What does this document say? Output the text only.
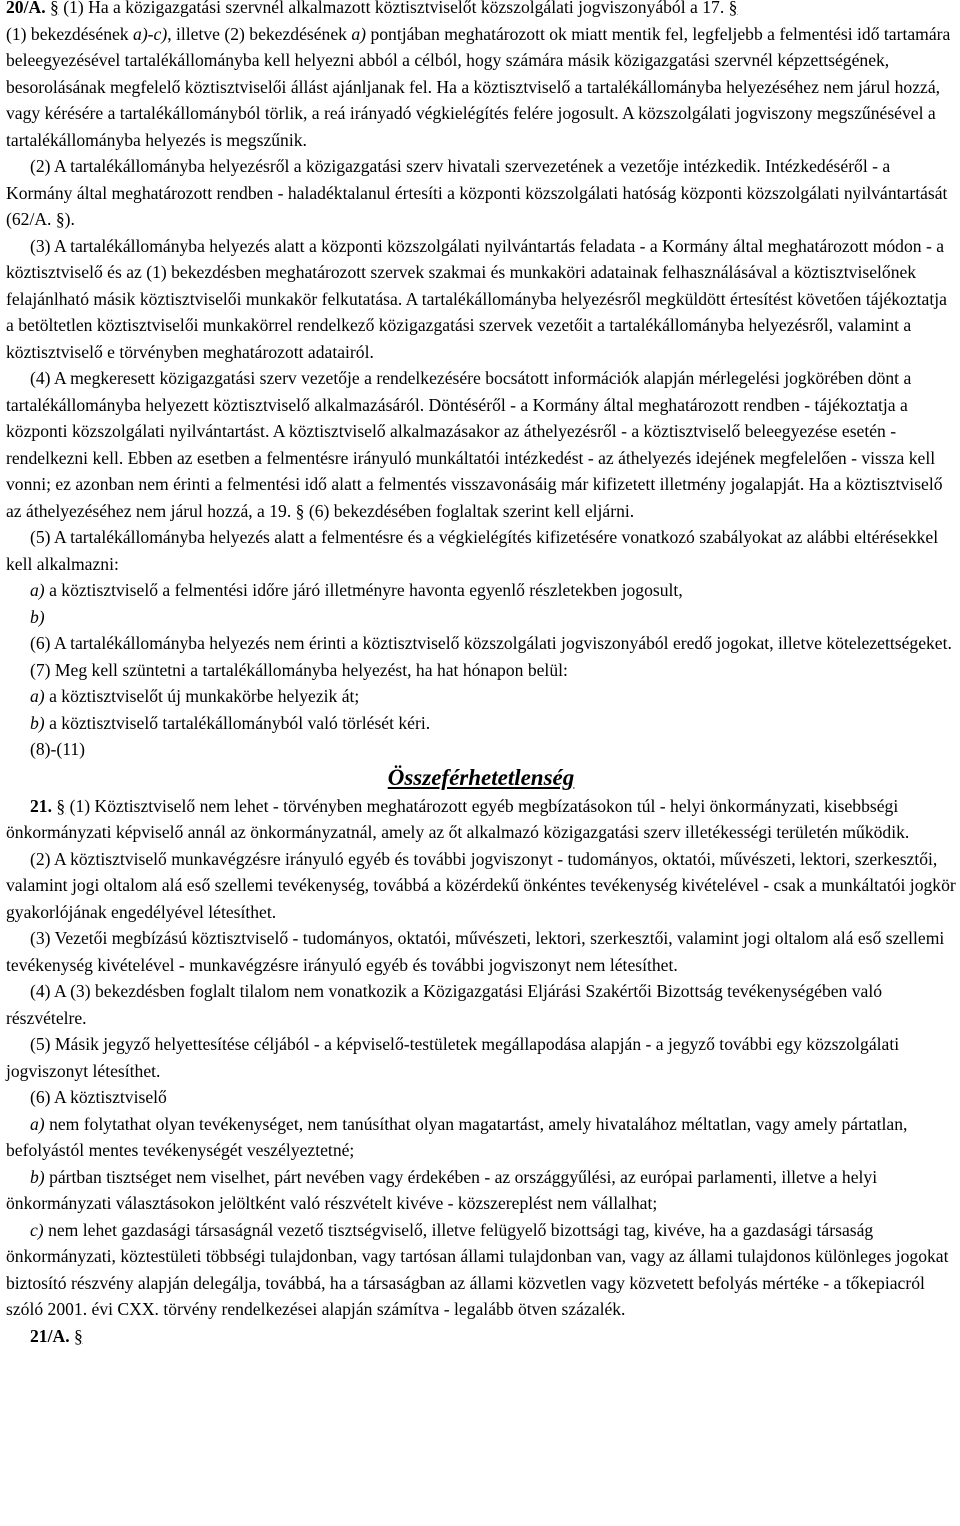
20/A. § (1) Ha a közigazgatási szervnél alkalmazott köztisztviselőt közszolgálati jogviszonyából a 17. §
(1) bekezdésének a)-c), illetve (2) bekezdésének a) pontjában meghatározott ok miatt mentik fel, legfeljebb a felmentési idő tartamára beleegyezésével tartalékállományba kell helyezni abból a célból, hogy számára másik közigazgatási szervnél képzettségének, besorolásának megfelelő köztisztviselői állást ajánljanak fel. Ha a köztisztviselő a tartalékállományba helyezéséhez nem járul hozzá, vagy kérésére a tartalékállományból törlik, a reá irányadó végkielégítés felére jogosult. A közszolgálati jogviszony megszűnésével a tartalékállományba helyezés is megszűnik.

(2) A tartalékállományba helyezésről a közigazgatási szerv hivatali szervezetének a vezetője intézkedik. Intézkedéséről - a Kormány által meghatározott rendben - haladéktalanul értesíti a központi közszolgálati hatóság központi közszolgálati nyilvántartását (62/A. §).

(3) A tartalékállományba helyezés alatt a központi közszolgálati nyilvántartás feladata - a Kormány által meghatározott módon - a köztisztviselő és az (1) bekezdésben meghatározott szervek szakmai és munkaköri adatainak felhasználásával a köztisztviselőnek felajánlható másik köztisztviselői munkakör felkutatása. A tartalékállományba helyezésről megküldött értesítést követően tájékoztatja a betöltetlen köztisztviselői munkakörrel rendelkező közigazgatási szervek vezetőit a tartalékállományba helyezésről, valamint a köztisztviselő e törvényben meghatározott adatairól.

(4) A megkeresett közigazgatási szerv vezetője a rendelkezésére bocsátott információk alapján mérlegelési jogkörében dönt a tartalékállományba helyezett köztisztviselő alkalmazásáról. Döntéséről - a Kormány által meghatározott rendben - tájékoztatja a központi közszolgálati nyilvántartást. A köztisztviselő alkalmazásakor az áthelyezésről - a köztisztviselő beleegyezése esetén - rendelkezni kell. Ebben az esetben a felmentésre irányuló munkáltatói intézkedést - az áthelyezés idejének megfelelően - vissza kell vonni; ez azonban nem érinti a felmentési idő alatt a felmentés visszavonásáig már kifizetett illetmény jogalapját. Ha a köztisztviselő az áthelyezéséhez nem járul hozzá, a 19. § (6) bekezdésében foglaltak szerint kell eljárni.

(5) A tartalékállományba helyezés alatt a felmentésre és a végkielégítés kifizetésére vonatkozó szabályokat az alábbi eltérésekkel kell alkalmazni:

a) a köztisztviselő a felmentési időre járó illetményre havonta egyenlő részletekben jogosult,

b)

(6) A tartalékállományba helyezés nem érinti a köztisztviselő közszolgálati jogviszonyából eredő jogokat, illetve kötelezettségeket.

(7) Meg kell szüntetni a tartalékállományba helyezést, ha hat hónapon belül:

a) a köztisztviselőt új munkakörbe helyezik át;

b) a köztisztviselő tartalékállományból való törlését kéri.

(8)-(11)

Összeférhetetlenség

21. § (1) Köztisztviselő nem lehet - törvényben meghatározott egyéb megbízatásokon túl - helyi önkormányzati, kisebbségi önkormányzati képviselő annál az önkormányzatnál, amely az őt alkalmazó közigazgatási szerv illetékességi területén működik.

(2) A köztisztviselő munkavégzésre irányuló egyéb és további jogviszonyt - tudományos, oktatói, művészeti, lektori, szerkesztői, valamint jogi oltalom alá eső szellemi tevékenység, továbbá a közérdekű önkéntes tevékenység kivételével - csak a munkáltatói jogkör gyakorlójának engedélyével létesíthet.

(3) Vezetői megbízású köztisztviselő - tudományos, oktatói, művészeti, lektori, szerkesztői, valamint jogi oltalom alá eső szellemi tevékenység kivételével - munkavégzésre irányuló egyéb és további jogviszonyt nem létesíthet.

(4) A (3) bekezdésben foglalt tilalom nem vonatkozik a Közigazgatási Eljárási Szakértői Bizottság tevékenységében való részvételre.

(5) Másik jegyző helyettesítése céljából - a képviselő-testületek megállapodása alapján - a jegyző további egy közszolgálati jogviszonyt létesíthet.

(6) A köztisztviselő

a) nem folytathat olyan tevékenységet, nem tanúsíthat olyan magatartást, amely hivatalához méltatlan, vagy amely pártatlan, befolyástól mentes tevékenységét veszélyeztetné;

b) pártban tisztséget nem viselhet, párt nevében vagy érdekében - az országgyűlési, az európai parlamenti, illetve a helyi önkormányzati választásokon jelöltként való részvételt kivéve - közszereplést nem vállalhat;

c) nem lehet gazdasági társaságnál vezető tisztségviselő, illetve felügyelő bizottsági tag, kivéve, ha a gazdasági társaság önkormányzati, köztestületi többségi tulajdonban, vagy tartósan állami tulajdonban van, vagy az állami tulajdonos különleges jogokat biztosító részvény alapján delegálja, továbbá, ha a társaságban az állami közvetlen vagy közvetett befolyás mértéke - a tőkepiacról szóló 2001. évi CXX. törvény rendelkezései alapján számítva - legalább ötven százalék.

21/A. §
